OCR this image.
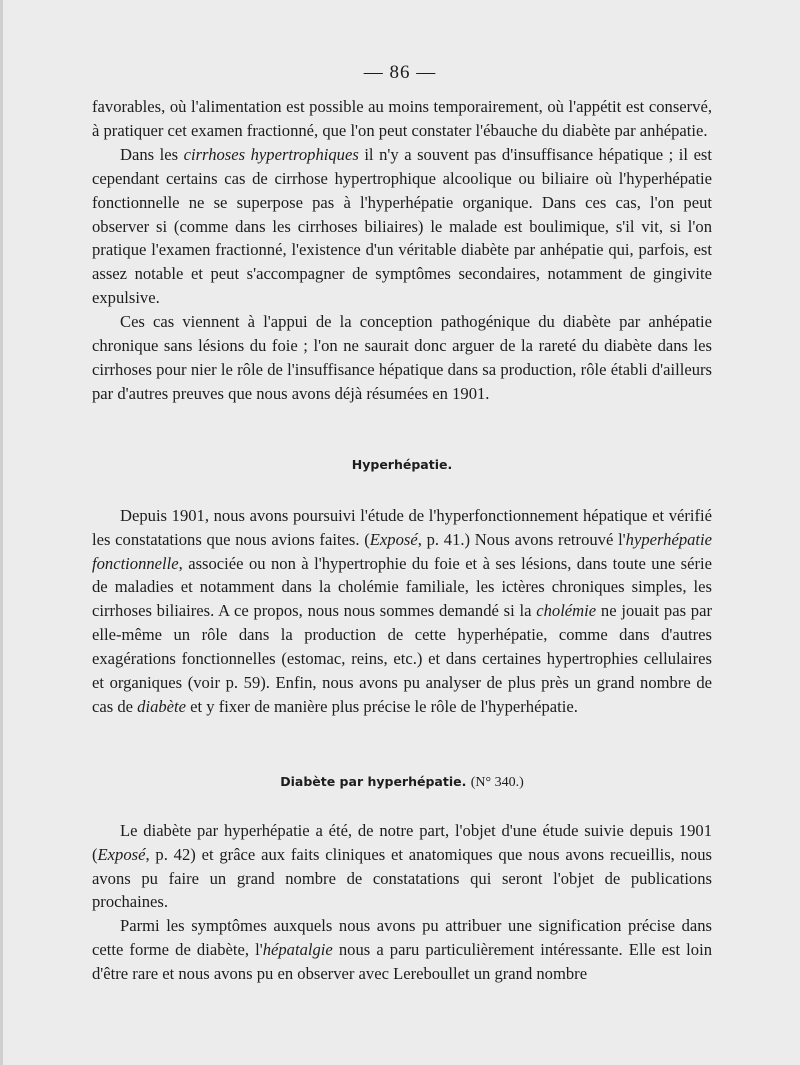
— 86 —

favorables, où l'alimentation est possible au moins temporairement, où l'appétit est conservé, à pratiquer cet examen fractionné, que l'on peut constater l'ébauche du diabète par anhépatie.

Dans les cirrhoses hypertrophiques il n'y a souvent pas d'insuffisance hépatique ; il est cependant certains cas de cirrhose hypertrophique alcoolique ou biliaire où l'hyperhépatie fonctionnelle ne se superpose pas à l'hyperhépatie organique. Dans ces cas, l'on peut observer si (comme dans les cirrhoses biliaires) le malade est boulimique, s'il vit, si l'on pratique l'examen fractionné, l'existence d'un véritable diabète par anhépatie qui, parfois, est assez notable et peut s'accompagner de symptômes secondaires, notamment de gingivite expulsive.

Ces cas viennent à l'appui de la conception pathogénique du diabète par anhépatie chronique sans lésions du foie ; l'on ne saurait donc arguer de la rareté du diabète dans les cirrhoses pour nier le rôle de l'insuffisance hépatique dans sa production, rôle établi d'ailleurs par d'autres preuves que nous avons déjà résumées en 1901.

Hyperhépatie.

Depuis 1901, nous avons poursuivi l'étude de l'hyperfonctionnement hépatique et vérifié les constatations que nous avions faites. (Exposé, p. 41.) Nous avons retrouvé l'hyperhépatie fonctionnelle, associée ou non à l'hypertrophie du foie et à ses lésions, dans toute une série de maladies et notamment dans la cholémie familiale, les ictères chroniques simples, les cirrhoses biliaires. A ce propos, nous nous sommes demandé si la cholémie ne jouait pas par elle-même un rôle dans la production de cette hyperhépatie, comme dans d'autres exagérations fonctionnelles (estomac, reins, etc.) et dans certaines hypertrophies cellulaires et organiques (voir p. 59). Enfin, nous avons pu analyser de plus près un grand nombre de cas de diabète et y fixer de manière plus précise le rôle de l'hyperhépatie.

Diabète par hyperhépatie. (N° 340.)

Le diabète par hyperhépatie a été, de notre part, l'objet d'une étude suivie depuis 1901 (Exposé, p. 42) et grâce aux faits cliniques et anatomiques que nous avons recueillis, nous avons pu faire un grand nombre de constatations qui seront l'objet de publications prochaines.

Parmi les symptômes auxquels nous avons pu attribuer une signification précise dans cette forme de diabète, l'hépatalgie nous a paru particulièrement intéressante. Elle est loin d'être rare et nous avons pu en observer avec Lereboullet un grand nombre
